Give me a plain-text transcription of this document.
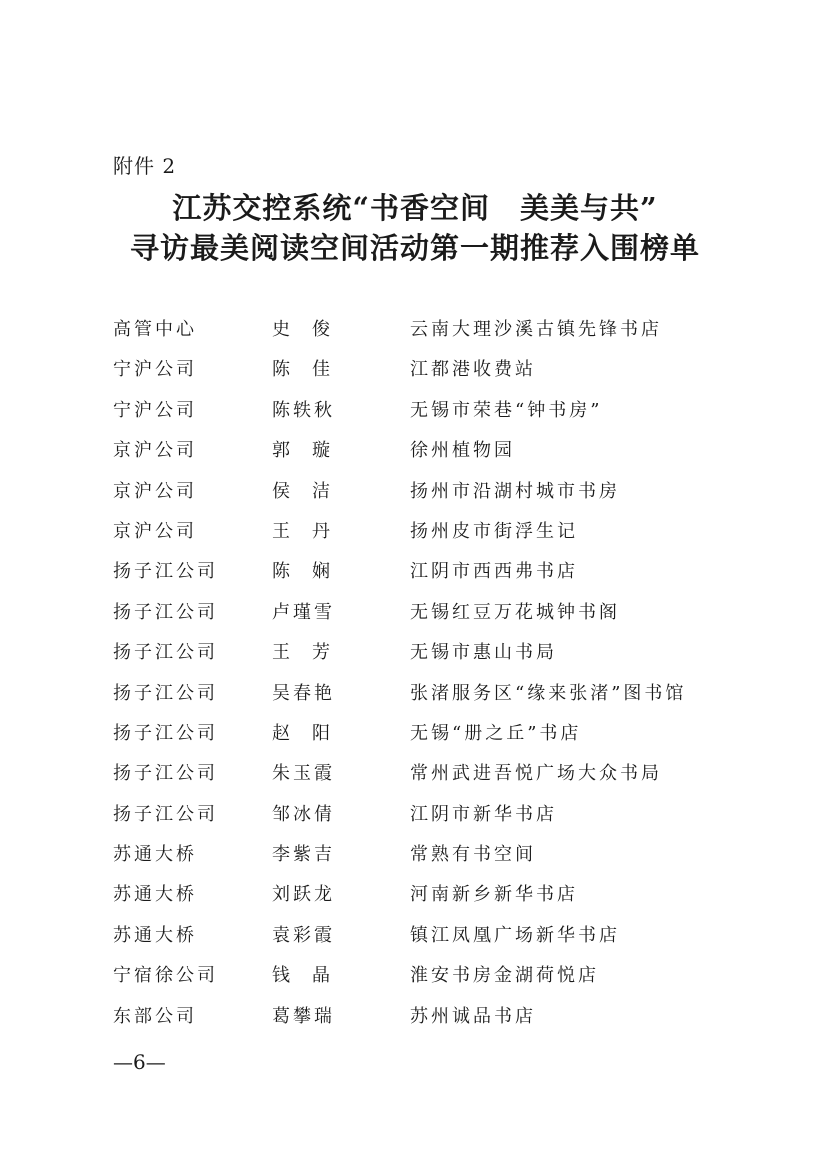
附件 2
江苏交控系统“书香空间　美美与共”
寻访最美阅读空间活动第一期推荐入围榜单
高管中心	史俊	云南大理沙溪古镇先锋书店
宁沪公司	陈佳	江都港收费站
宁沪公司	陈轶秋	无锡市荣巷“钟书房”
京沪公司	郭璇	徐州植物园
京沪公司	侯洁	扬州市沿湖村城市书房
京沪公司	王丹	扬州皮市街浮生记
扬子江公司	陈娴	江阴市西西弗书店
扬子江公司	卢瑾雪	无锡红豆万花城钟书阁
扬子江公司	王芳	无锡市惠山书局
扬子江公司	吴春艳	张渚服务区“缘来张渚”图书馆
扬子江公司	赵阳	无锡“册之丘”书店
扬子江公司	朱玉霞	常州武进吾悦广场大众书局
扬子江公司	邹冰倩	江阴市新华书店
苏通大桥	李紫吉	常熟有书空间
苏通大桥	刘跃龙	河南新乡新华书店
苏通大桥	袁彩霞	镇江凤凰广场新华书店
宁宿徐公司	钱晶	淮安书房金湖荷悦店
东部公司	葛攀瑞	苏州诚品书店
—6—
